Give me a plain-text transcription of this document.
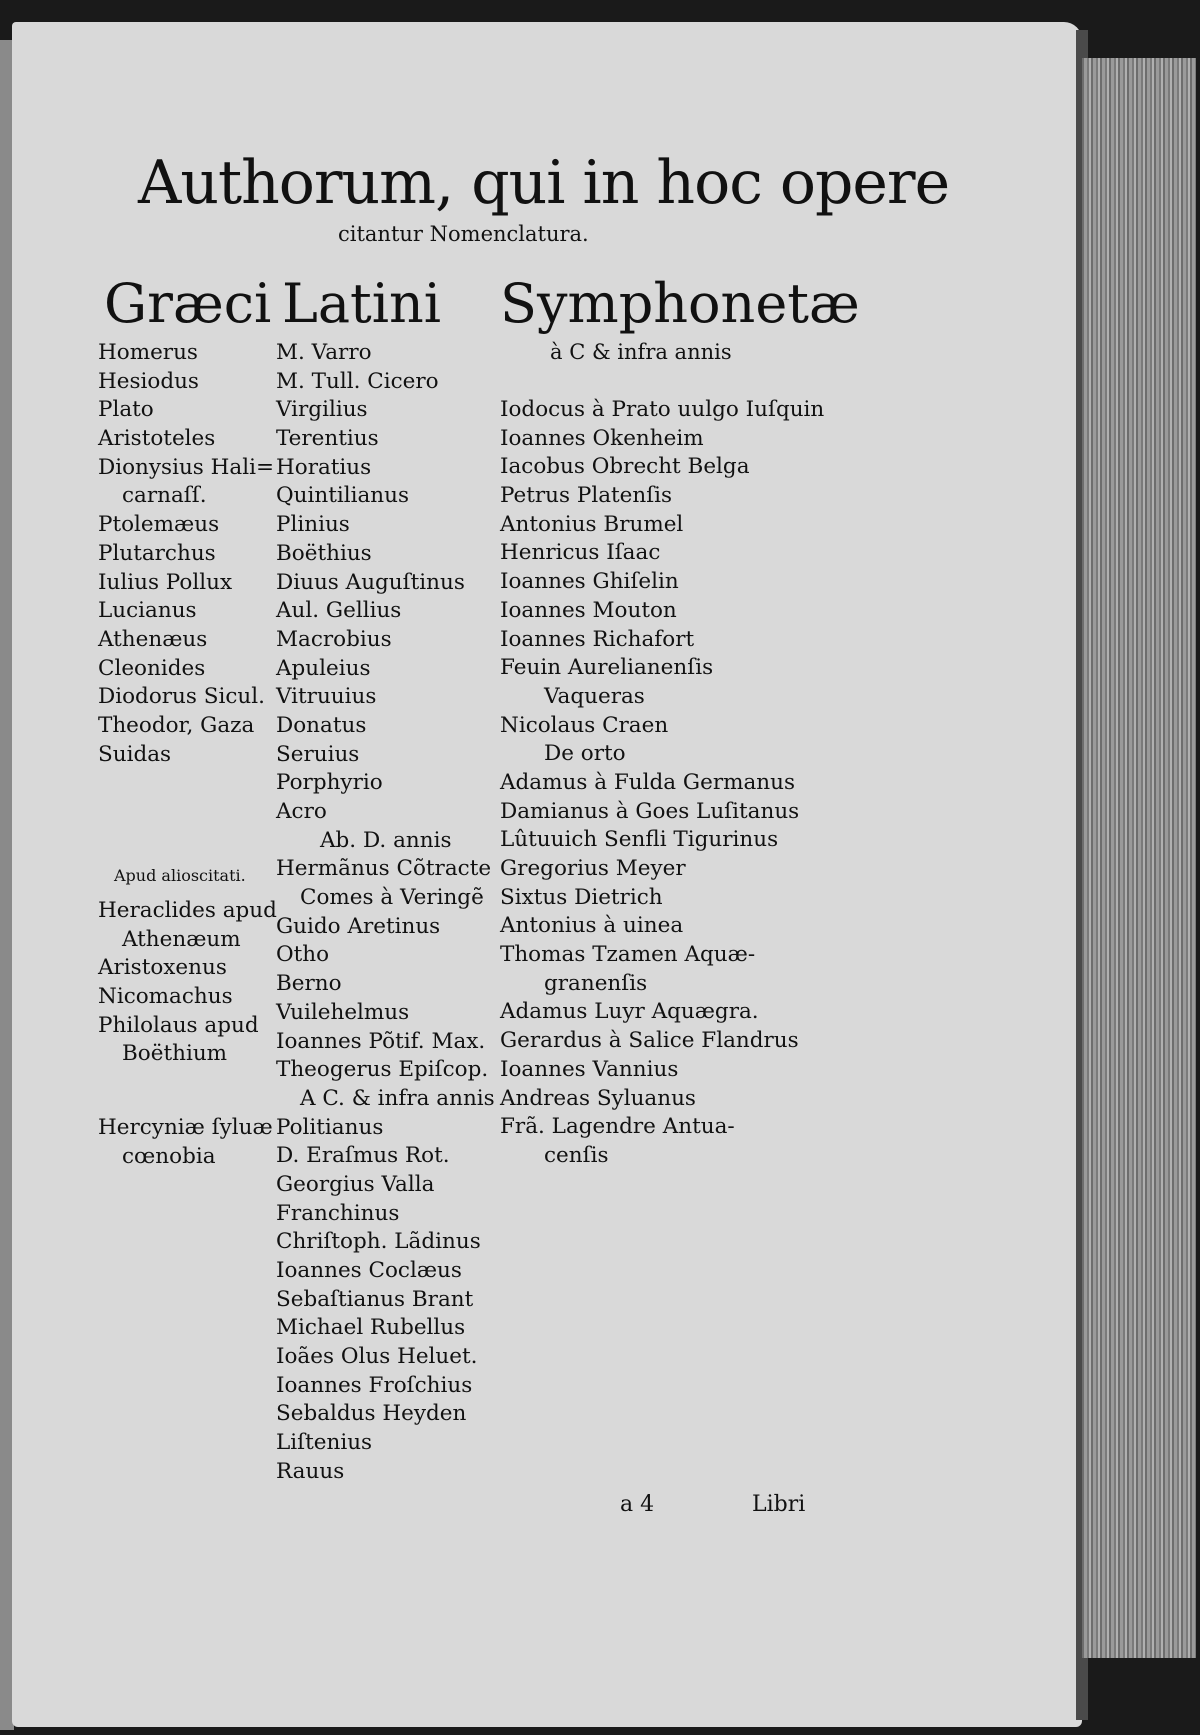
Authorum, qui in hoc opere
citantur Nomenclatura.
Græci Latini Symphonetæ
à C & infra annis
Homerus
Hesiodus
Plato
Aristoteles
Dionysius Hali=
carnaſſ.
Ptolemæus
Plutarchus
Iulius Pollux
Lucianus
Athenæus
Cleonides
Diodorus Sicul.
Theodor, Gaza
Suidas
Apud alioscitati.
Heraclides apud
Athenæum
Aristoxenus
Nicomachus
Philolaus apud
Boëthium
Hercyniæ ſyluæ
cœnobia
M. Varro
M. Tull. Cicero
Virgilius
Terentius
Horatius
Quintilianus
Plinius
Boëthius
Diuus Auguſtinus
Aul. Gellius
Macrobius
Apuleius
Vitruuius
Donatus
Seruius
Porphyrio
Acro
Ab. D. annis
Hermãnus Cõtracte
Comes à Veringẽ
Guido Aretinus
Otho
Berno
Vuilehelmus
Ioannes Põtif. Max.
Theogerus Epiſcop.
A C. & infra annis
Politianus
D. Eraſmus Rot.
Georgius Valla
Franchinus
Chriſtoph. Lãdinus
Ioannes Coclæus
Sebaſtianus Brant
Michael Rubellus
Ioães Olus Heluet.
Ioannes Froſchius
Sebaldus Heyden
Liſtenius
Rauus
Iodocus à Prato uulgo Iuſquin
Ioannes Okenheim
Iacobus Obrecht Belga
Petrus Platenſis
Antonius Brumel
Henricus Iſaac
Ioannes Ghiſelin
Ioannes Mouton
Ioannes Richafort
Feuin Aurelianenſis
Vaqueras
Nicolaus Craen
De orto
Adamus à Fulda Germanus
Damianus à Goes Luſitanus
Lûtuuich Senfli Tigurinus
Gregorius Meyer
Sixtus Dietrich
Antonius à uinea
Thomas Tzamen Aquæ-
granenſis
Adamus Luyr Aquægra.
Gerardus à Salice Flandrus
Ioannes Vannius
Andreas Syluanus
Frã. Lagendre Antua-
cenſis
a 4	Libri
